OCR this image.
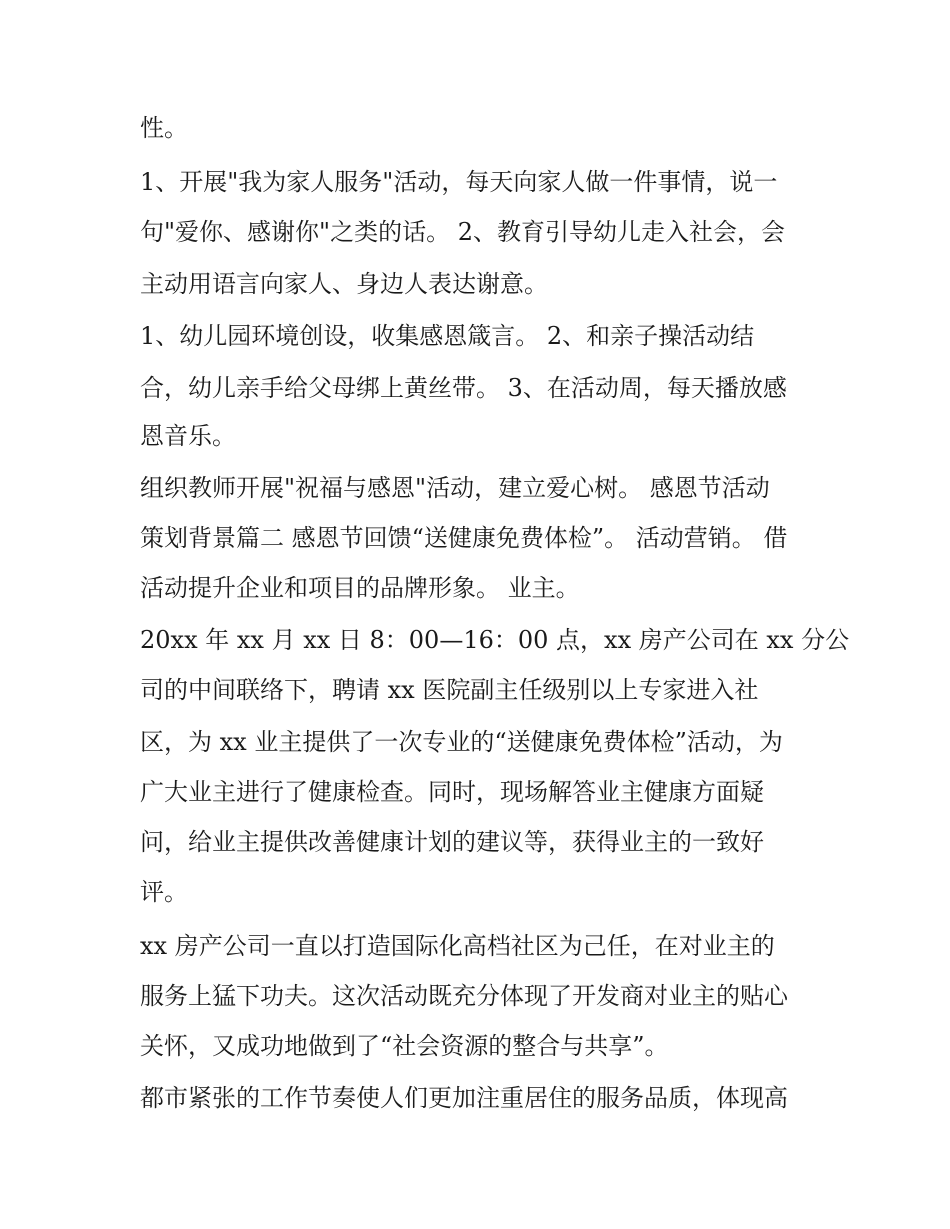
性。
1、开展"我为家人服务"活动，每天向家人做一件事情，说一
句"爱你、感谢你"之类的话。 2、教育引导幼儿走入社会，会
主动用语言向家人、身边人表达谢意。
1、幼儿园环境创设，收集感恩箴言。 2、和亲子操活动结
合，幼儿亲手给父母绑上黄丝带。 3、在活动周，每天播放感
恩音乐。
组织教师开展"祝福与感恩"活动，建立爱心树。 感恩节活动
策划背景篇二 感恩节回馈“送健康免费体检”。 活动营销。 借
活动提升企业和项目的品牌形象。 业主。
20xx 年 xx 月 xx 日 8：00—16：00 点，xx 房产公司在 xx 分公
司的中间联络下，聘请 xx 医院副主任级别以上专家进入社
区，为 xx 业主提供了一次专业的“送健康免费体检”活动，为
广大业主进行了健康检查。同时，现场解答业主健康方面疑
问，给业主提供改善健康计划的建议等，获得业主的一致好
评。
xx 房产公司一直以打造国际化高档社区为己任，在对业主的
服务上猛下功夫。这次活动既充分体现了开发商对业主的贴心
关怀，又成功地做到了“社会资源的整合与共享”。
都市紧张的工作节奏使人们更加注重居住的服务品质，体现高
